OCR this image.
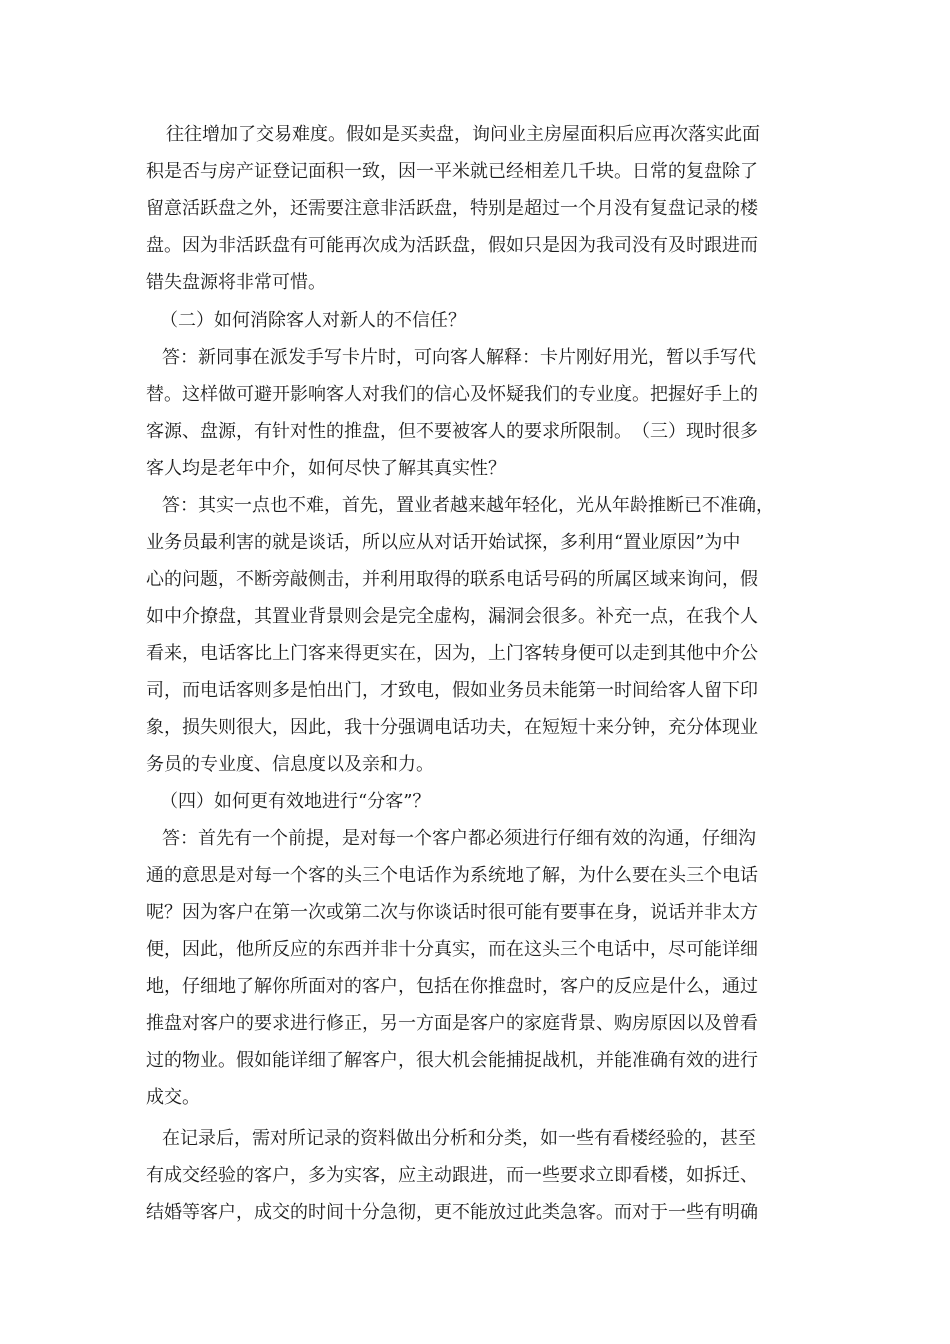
往往增加了交易难度。假如是买卖盘，询问业主房屋面积后应再次落实此面
积是否与房产证登记面积一致，因一平米就已经相差几千块。日常的复盘除了
留意活跃盘之外，还需要注意非活跃盘，特别是超过一个月没有复盘记录的楼
盘。因为非活跃盘有可能再次成为活跃盘，假如只是因为我司没有及时跟进而
错失盘源将非常可惜。
（二）如何消除客人对新人的不信任？
答：新同事在派发手写卡片时，可向客人解释：卡片刚好用光，暂以手写代
替。这样做可避开影响客人对我们的信心及怀疑我们的专业度。把握好手上的
客源、盘源，有针对性的推盘，但不要被客人的要求所限制。　（三）现时很多
客人均是老年中介，如何尽快了解其真实性？
答：其实一点也不难，首先，置业者越来越年轻化，光从年龄推断已不准确，
业务员最利害的就是谈话，所以应从对话开始试探，多利用“置业原因”为中
心的问题，不断旁敲侧击，并利用取得的联系电话号码的所属区域来询问，假
如中介撩盘，其置业背景则会是完全虚构，漏洞会很多。补充一点，在我个人
看来，电话客比上门客来得更实在，因为，上门客转身便可以走到其他中介公
司，而电话客则多是怕出门，才致电，假如业务员未能第一时间给客人留下印
象，损失则很大，因此，我十分强调电话功夫，在短短十来分钟，充分体现业
务员的专业度、信息度以及亲和力。
（四）如何更有效地进行“分客”？
答：首先有一个前提，是对每一个客户都必须进行仔细有效的沟通，仔细沟
通的意思是对每一个客的头三个电话作为系统地了解，为什么要在头三个电话
呢？因为客户在第一次或第二次与你谈话时很可能有要事在身，说话并非太方
便，因此，他所反应的东西并非十分真实，而在这头三个电话中，尽可能详细
地，仔细地了解你所面对的客户，包括在你推盘时，客户的反应是什么，通过
推盘对客户的要求进行修正，另一方面是客户的家庭背景、购房原因以及曾看
过的物业。假如能详细了解客户，很大机会能捕捉战机，并能准确有效的进行
成交。
在记录后，需对所记录的资料做出分析和分类，如一些有看楼经验的，甚至
有成交经验的客户，多为实客，应主动跟进，而一些要求立即看楼，如拆迁、
结婚等客户，成交的时间十分急彻，更不能放过此类急客。而对于一些有明确
